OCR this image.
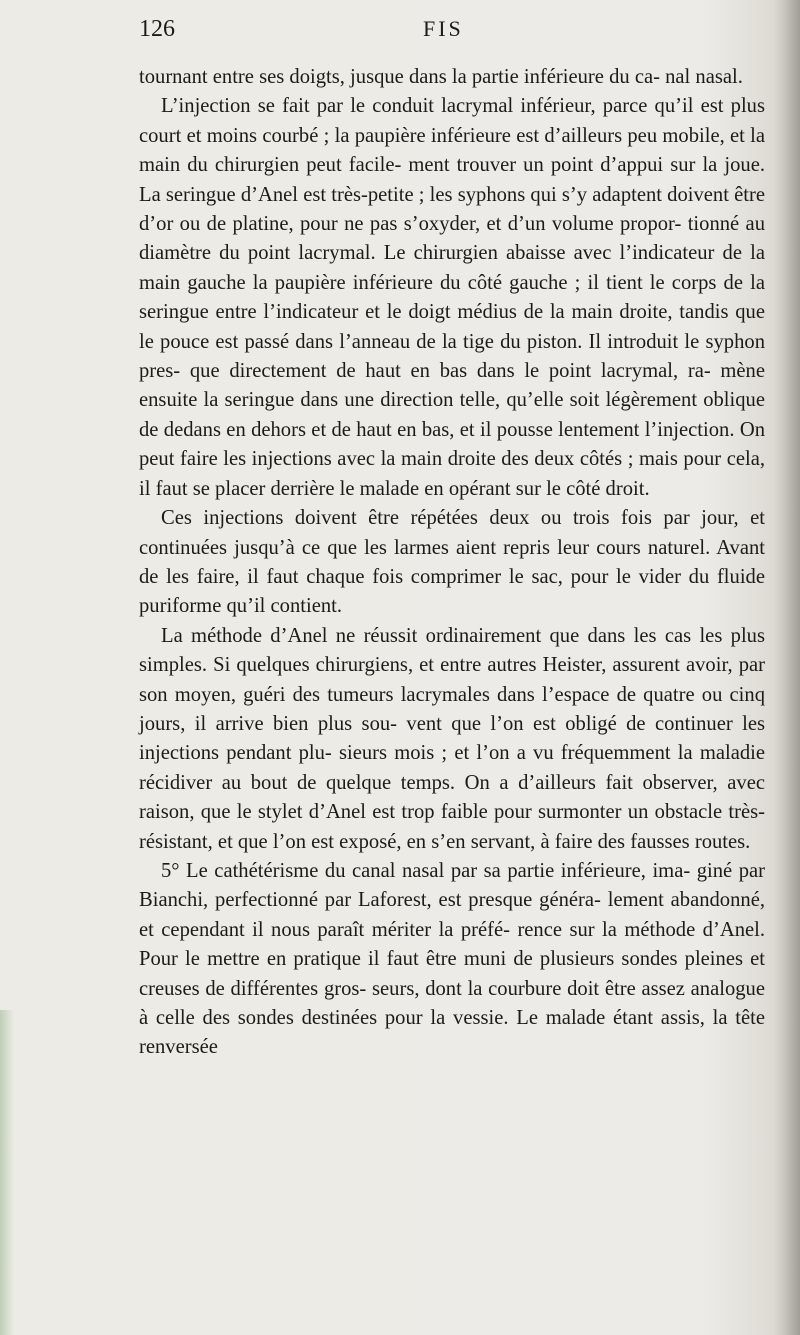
126	FIS

tournant entre ses doigts, jusque dans la partie inférieure du ca- nal nasal.

L’injection se fait par le conduit lacrymal inférieur, parce qu’il est plus court et moins courbé ; la paupière inférieure est d’ailleurs peu mobile, et la main du chirurgien peut facile- ment trouver un point d’appui sur la joue. La seringue d’Anel est très-petite ; les syphons qui s’y adaptent doivent être d’or ou de platine, pour ne pas s’oxyder, et d’un volume propor- tionné au diamètre du point lacrymal. Le chirurgien abaisse avec l’indicateur de la main gauche la paupière inférieure du côté gauche ; il tient le corps de la seringue entre l’indicateur et le doigt médius de la main droite, tandis que le pouce est passé dans l’anneau de la tige du piston. Il introduit le syphon pres- que directement de haut en bas dans le point lacrymal, ra- mène ensuite la seringue dans une direction telle, qu’elle soit légèrement oblique de dedans en dehors et de haut en bas, et il pousse lentement l’injection. On peut faire les injections avec la main droite des deux côtés ; mais pour cela, il faut se placer derrière le malade en opérant sur le côté droit.

Ces injections doivent être répétées deux ou trois fois par jour, et continuées jusqu’à ce que les larmes aient repris leur cours naturel. Avant de les faire, il faut chaque fois comprimer le sac, pour le vider du fluide puriforme qu’il contient.

La méthode d’Anel ne réussit ordinairement que dans les cas les plus simples. Si quelques chirurgiens, et entre autres Heister, assurent avoir, par son moyen, guéri des tumeurs lacrymales dans l’espace de quatre ou cinq jours, il arrive bien plus sou- vent que l’on est obligé de continuer les injections pendant plu- sieurs mois ; et l’on a vu fréquemment la maladie récidiver au bout de quelque temps. On a d’ailleurs fait observer, avec raison, que le stylet d’Anel est trop faible pour surmonter un obstacle très-résistant, et que l’on est exposé, en s’en servant, à faire des fausses routes.

5° Le cathétérisme du canal nasal par sa partie inférieure, ima- giné par Bianchi, perfectionné par Laforest, est presque généra- lement abandonné, et cependant il nous paraît mériter la préfé- rence sur la méthode d’Anel. Pour le mettre en pratique il faut être muni de plusieurs sondes pleines et creuses de différentes gros- seurs, dont la courbure doit être assez analogue à celle des sondes destinées pour la vessie. Le malade étant assis, la tête renversée
